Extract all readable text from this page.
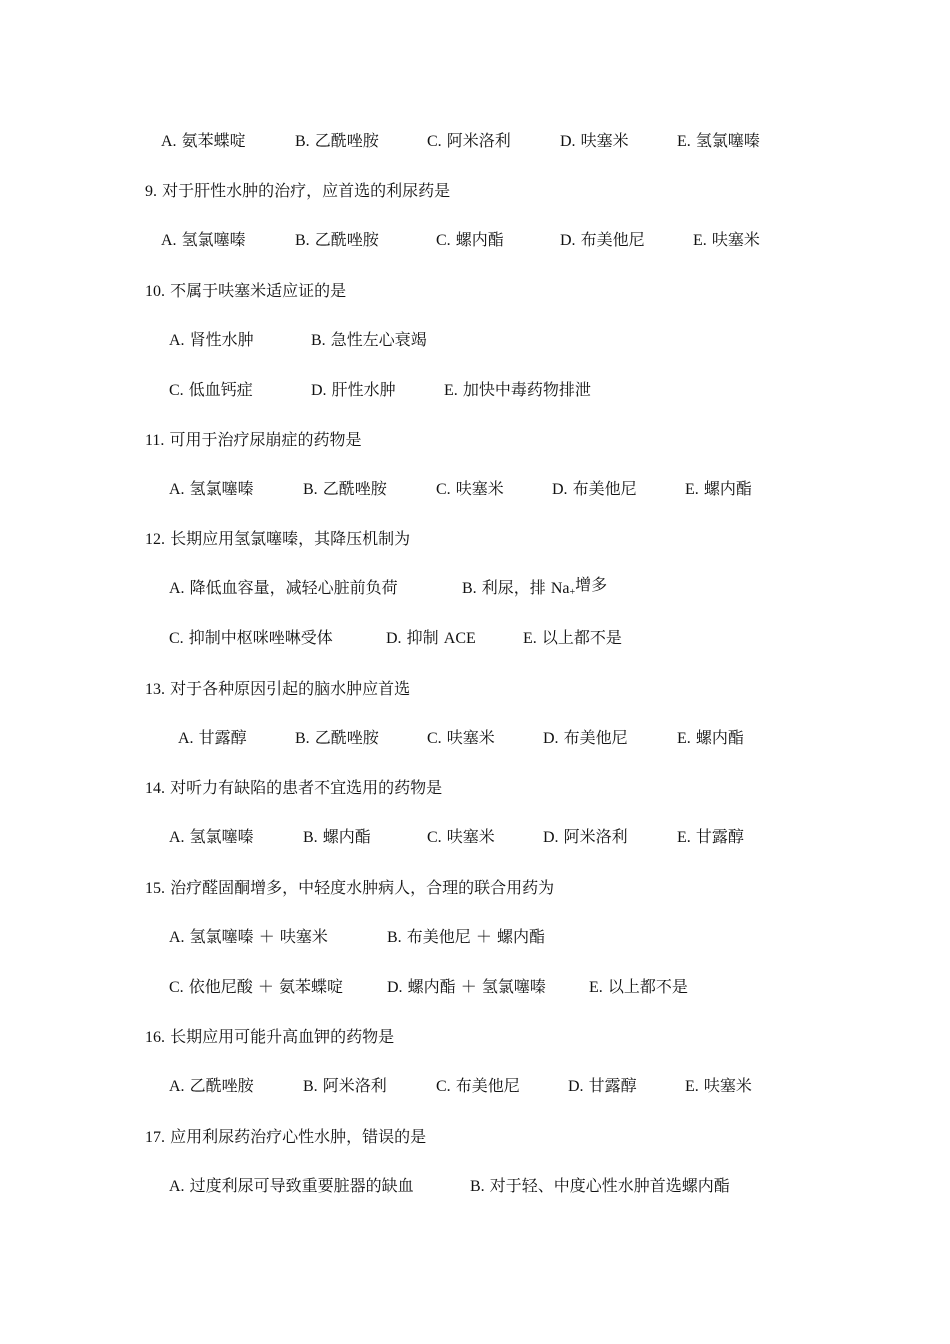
A. 氨苯蝶啶	B. 乙酰唑胺	C. 阿米洛利	D. 呋塞米	E. 氢氯噻嗪
9. 对于肝性水肿的治疗，应首选的利尿药是
A. 氢氯噻嗪	B. 乙酰唑胺	C. 螺内酯	D. 布美他尼	E. 呋塞米
10. 不属于呋塞米适应证的是
A. 肾性水肿	B. 急性左心衰竭
C. 低血钙症	D. 肝性水肿	E. 加快中毒药物排泄
11. 可用于治疗尿崩症的药物是
A. 氢氯噻嗪	B. 乙酰唑胺	C. 呋塞米	D. 布美他尼	E. 螺内酯
12. 长期应用氢氯噻嗪，其降压机制为
A. 降低血容量，减轻心脏前负荷	B. 利尿，排 Na+增多
C. 抑制中枢咪唑啉受体	D. 抑制 ACE	E. 以上都不是
13. 对于各种原因引起的脑水肿应首选
A. 甘露醇	B. 乙酰唑胺	C. 呋塞米	D. 布美他尼	E. 螺内酯
14. 对听力有缺陷的患者不宜选用的药物是
A. 氢氯噻嗪	B. 螺内酯	C. 呋塞米	D. 阿米洛利	E. 甘露醇
15. 治疗醛固酮增多，中轻度水肿病人，合理的联合用药为
A. 氢氯噻嗪 ＋ 呋塞米	B. 布美他尼 ＋ 螺内酯
C. 依他尼酸 ＋ 氨苯蝶啶	D. 螺内酯 ＋ 氢氯噻嗪	E. 以上都不是
16. 长期应用可能升高血钾的药物是
A. 乙酰唑胺	B. 阿米洛利	C. 布美他尼	D. 甘露醇	E. 呋塞米
17. 应用利尿药治疗心性水肿，错误的是
A. 过度利尿可导致重要脏器的缺血	B. 对于轻、中度心性水肿首选螺内酯
